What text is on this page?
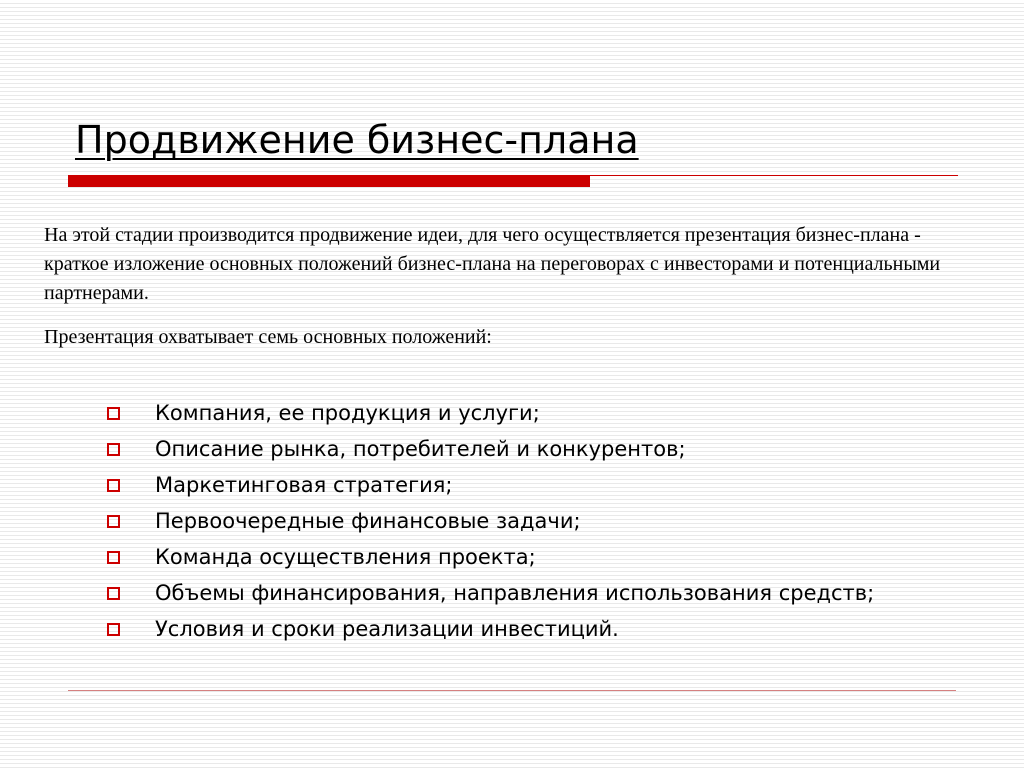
Продвижение бизнес-плана

На этой стадии производится продвижение идеи, для чего осуществляется презентация бизнес-плана - краткое изложение основных положений бизнес-плана на переговорах с инвесторами и потенциальными партнерами.

Презентация охватывает семь основных положений:

Компания, ее продукция и услуги;
Описание рынка, потребителей и конкурентов;
Маркетинговая стратегия;
Первоочередные финансовые задачи;
Команда осуществления проекта;
Объемы финансирования, направления использования средств;
Условия и сроки реализации инвестиций.
